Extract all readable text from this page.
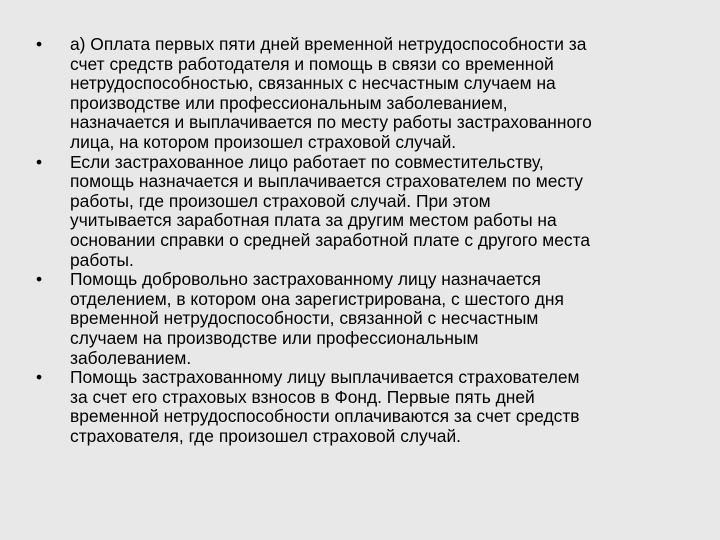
•	а) Оплата первых пяти дней временной нетрудоспособности за
счет средств работодателя и помощь в связи со временной
нетрудоспособностью, связанных с несчастным случаем на
производстве или профессиональным заболеванием,
назначается и выплачивается по месту работы застрахованного
лица, на котором произошел страховой случай.
•	Если застрахованное лицо работает по совместительству,
помощь назначается и выплачивается страхователем по месту
работы, где произошел страховой случай. При этом
учитывается заработная плата за другим местом работы на
основании справки о средней заработной плате с другого места
работы.
•	Помощь добровольно застрахованному лицу назначается
отделением, в котором она зарегистрирована, с шестого дня
временной нетрудоспособности, связанной с несчастным
случаем на производстве или профессиональным
заболеванием.
•	Помощь застрахованному лицу выплачивается страхователем
за счет его страховых взносов в Фонд. Первые пять дней
временной нетрудоспособности оплачиваются за счет средств
страхователя, где произошел страховой случай.
